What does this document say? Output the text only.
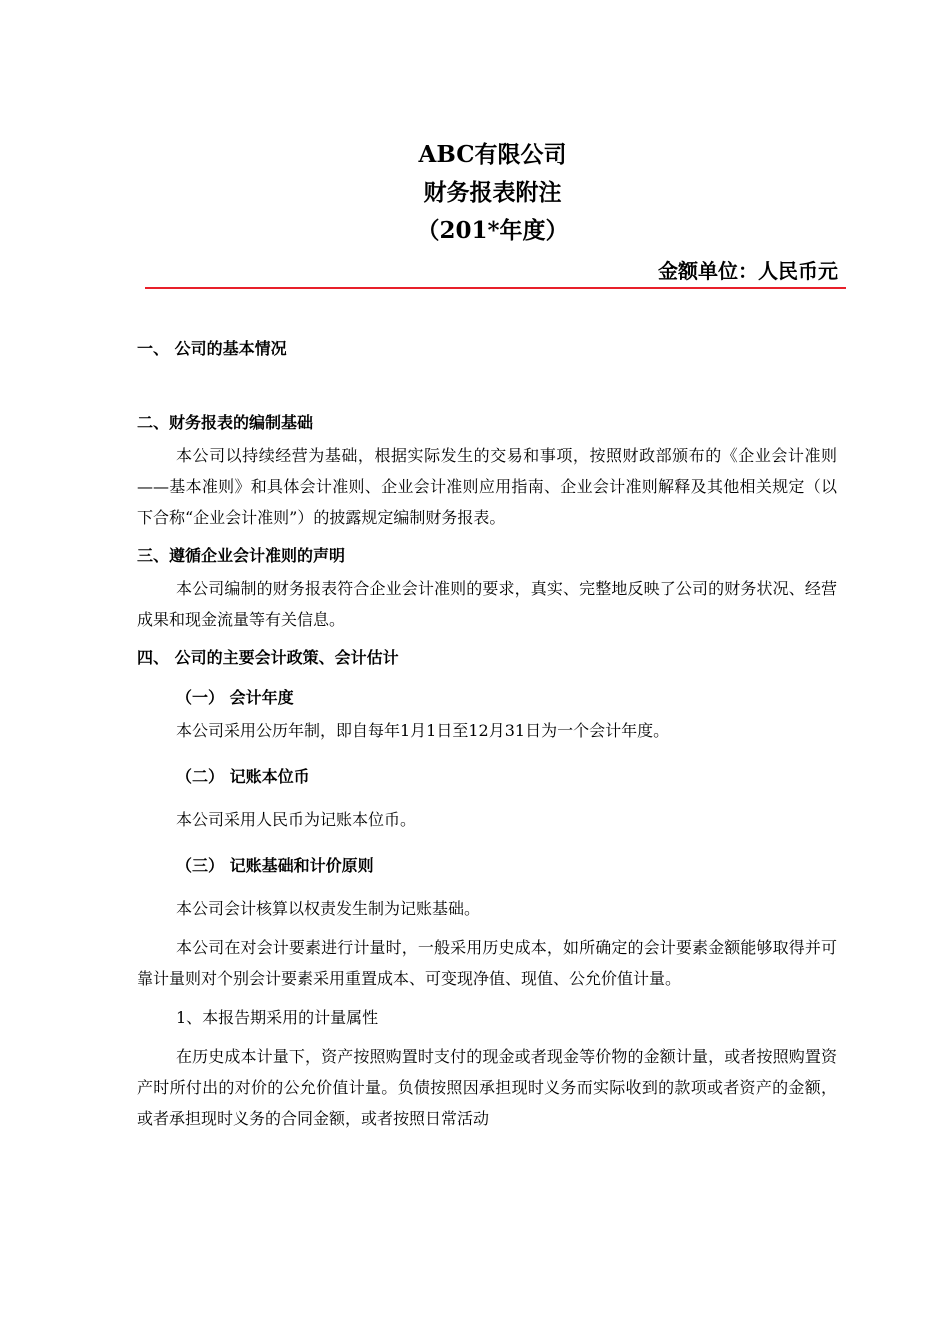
ABC有限公司
财务报表附注
（201*年度）
金额单位：人民币元

一、 公司的基本情况

二、财务报表的编制基础

本公司以持续经营为基础，根据实际发生的交易和事项，按照财政部颁布的《企业会计准则——基本准则》和具体会计准则、企业会计准则应用指南、企业会计准则解释及其他相关规定（以下合称“企业会计准则”）的披露规定编制财务报表。

三、遵循企业会计准则的声明

本公司编制的财务报表符合企业会计准则的要求，真实、完整地反映了公司的财务状况、经营成果和现金流量等有关信息。

四、 公司的主要会计政策、会计估计

（一） 会计年度

本公司采用公历年制，即自每年1月1日至12月31日为一个会计年度。

（二） 记账本位币

本公司采用人民币为记账本位币。

（三） 记账基础和计价原则

本公司会计核算以权责发生制为记账基础。

本公司在对会计要素进行计量时，一般采用历史成本，如所确定的会计要素金额能够取得并可靠计量则对个别会计要素采用重置成本、可变现净值、现值、公允价值计量。

1、本报告期采用的计量属性

在历史成本计量下，资产按照购置时支付的现金或者现金等价物的金额计量，或者按照购置资产时所付出的对价的公允价值计量。负债按照因承担现时义务而实际收到的款项或者资产的金额，或者承担现时义务的合同金额，或者按照日常活动
